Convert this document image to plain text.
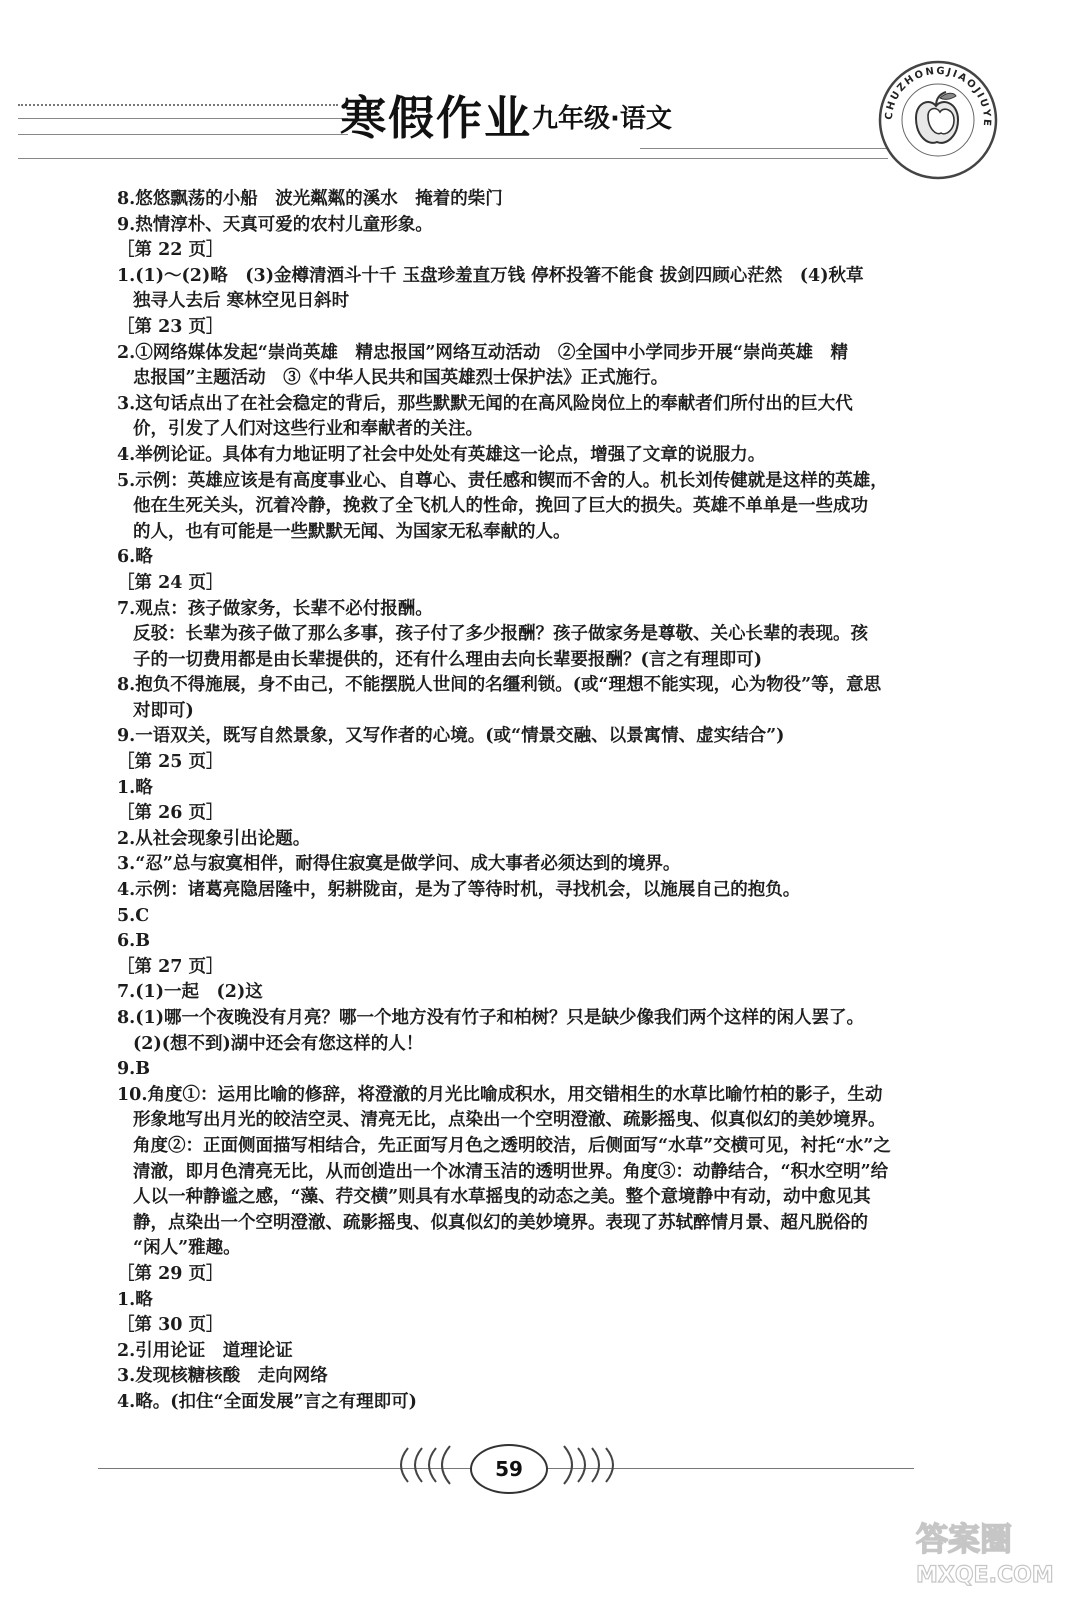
寒假作业 九年级·语文	CHUZHONGJIAOJIUYE

8.悠悠飘荡的小船　波光粼粼的溪水　掩着的柴门

9.热情淳朴、天真可爱的农村儿童形象。

［第 22 页］

1.(1)～(2)略　(3)金樽清酒斗十千 玉盘珍羞直万钱 停杯投箸不能食 拔剑四顾心茫然　(4)秋草

独寻人去后 寒林空见日斜时

［第 23 页］

2.①网络媒体发起“崇尚英雄　精忠报国”网络互动活动　②全国中小学同步开展“崇尚英雄　精

忠报国”主题活动　③《中华人民共和国英雄烈士保护法》正式施行。

3.这句话点出了在社会稳定的背后，那些默默无闻的在高风险岗位上的奉献者们所付出的巨大代

价，引发了人们对这些行业和奉献者的关注。

4.举例论证。具体有力地证明了社会中处处有英雄这一论点，增强了文章的说服力。

5.示例：英雄应该是有高度事业心、自尊心、责任感和锲而不舍的人。机长刘传健就是这样的英雄，

他在生死关头，沉着冷静，挽救了全飞机人的性命，挽回了巨大的损失。英雄不单单是一些成功

的人，也有可能是一些默默无闻、为国家无私奉献的人。

6.略

［第 24 页］

7.观点：孩子做家务，长辈不必付报酬。

反驳：长辈为孩子做了那么多事，孩子付了多少报酬？孩子做家务是尊敬、关心长辈的表现。孩

子的一切费用都是由长辈提供的，还有什么理由去向长辈要报酬？(言之有理即可)

8.抱负不得施展，身不由己，不能摆脱人世间的名缰利锁。(或“理想不能实现，心为物役”等，意思

对即可)

9.一语双关，既写自然景象，又写作者的心境。(或“情景交融、以景寓情、虚实结合”)

［第 25 页］

1.略

［第 26 页］

2.从社会现象引出论题。

3.“忍”总与寂寞相伴，耐得住寂寞是做学问、成大事者必须达到的境界。

4.示例：诸葛亮隐居隆中，躬耕陇亩，是为了等待时机，寻找机会，以施展自己的抱负。

5.C

6.B

［第 27 页］

7.(1)一起　(2)这

8.(1)哪一个夜晚没有月亮？哪一个地方没有竹子和柏树？只是缺少像我们两个这样的闲人罢了。

(2)(想不到)湖中还会有您这样的人！

9.B

10.角度①：运用比喻的修辞，将澄澈的月光比喻成积水，用交错相生的水草比喻竹柏的影子，生动

形象地写出月光的皎洁空灵、清亮无比，点染出一个空明澄澈、疏影摇曳、似真似幻的美妙境界。

角度②：正面侧面描写相结合，先正面写月色之透明皎洁，后侧面写“水草”交横可见，衬托“水”之

清澈，即月色清亮无比，从而创造出一个冰清玉洁的透明世界。角度③：动静结合，“积水空明”给

人以一种静谧之感，“藻、荇交横”则具有水草摇曳的动态之美。整个意境静中有动，动中愈见其

静，点染出一个空明澄澈、疏影摇曳、似真似幻的美妙境界。表现了苏轼醉情月景、超凡脱俗的

“闲人”雅趣。

［第 29 页］

1.略

［第 30 页］

2.引用论证　道理论证

3.发现核糖核酸　走向网络

4.略。(扣住“全面发展”言之有理即可)

59
答案圈
MXQE.COM
